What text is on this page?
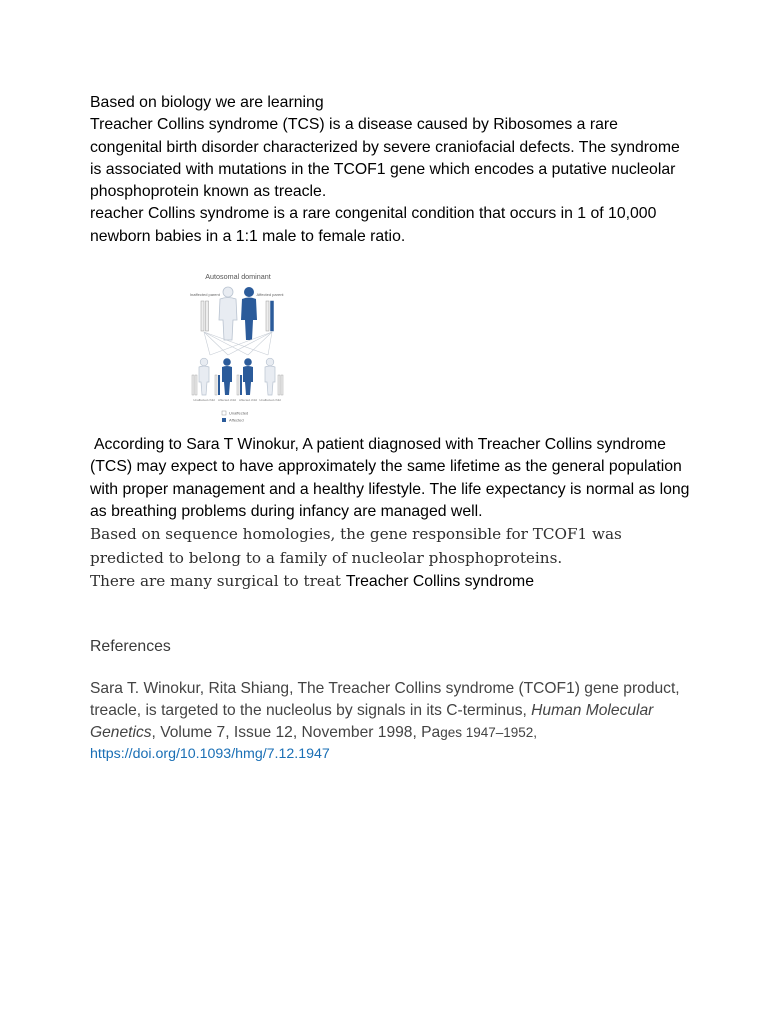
Based on biology we are learning

Treacher Collins syndrome (TCS) is a disease caused by Ribosomes a rare congenital birth disorder characterized by severe craniofacial defects. The syndrome is associated with mutations in the TCOF1 gene which encodes a putative nucleolar phosphoprotein known as treacle.

reacher Collins syndrome is a rare congenital condition that occurs in 1 of 10,000 newborn babies in a 1:1 male to female ratio.

Autosomal dominant
Unaffected parent	Affected parent
Unaffected child Affected child Affected child Unaffected child
Unaffected
Affected

According to Sara T Winokur, A patient diagnosed with Treacher Collins syndrome (TCS) may expect to have approximately the same lifetime as the general population with proper management and a healthy lifestyle. The life expectancy is normal as long as breathing problems during infancy are managed well.

Based on sequence homologies, the gene responsible for TCOF1 was predicted to belong to a family of nucleolar phosphoproteins.

There are many surgical to treat Treacher Collins syndrome

References

Sara T. Winokur, Rita Shiang, The Treacher Collins syndrome (TCOF1) gene product, treacle, is targeted to the nucleolus by signals in its C-terminus, Human Molecular Genetics, Volume 7, Issue 12, November 1998, Pages 1947–1952,
https://doi.org/10.1093/hmg/7.12.1947
